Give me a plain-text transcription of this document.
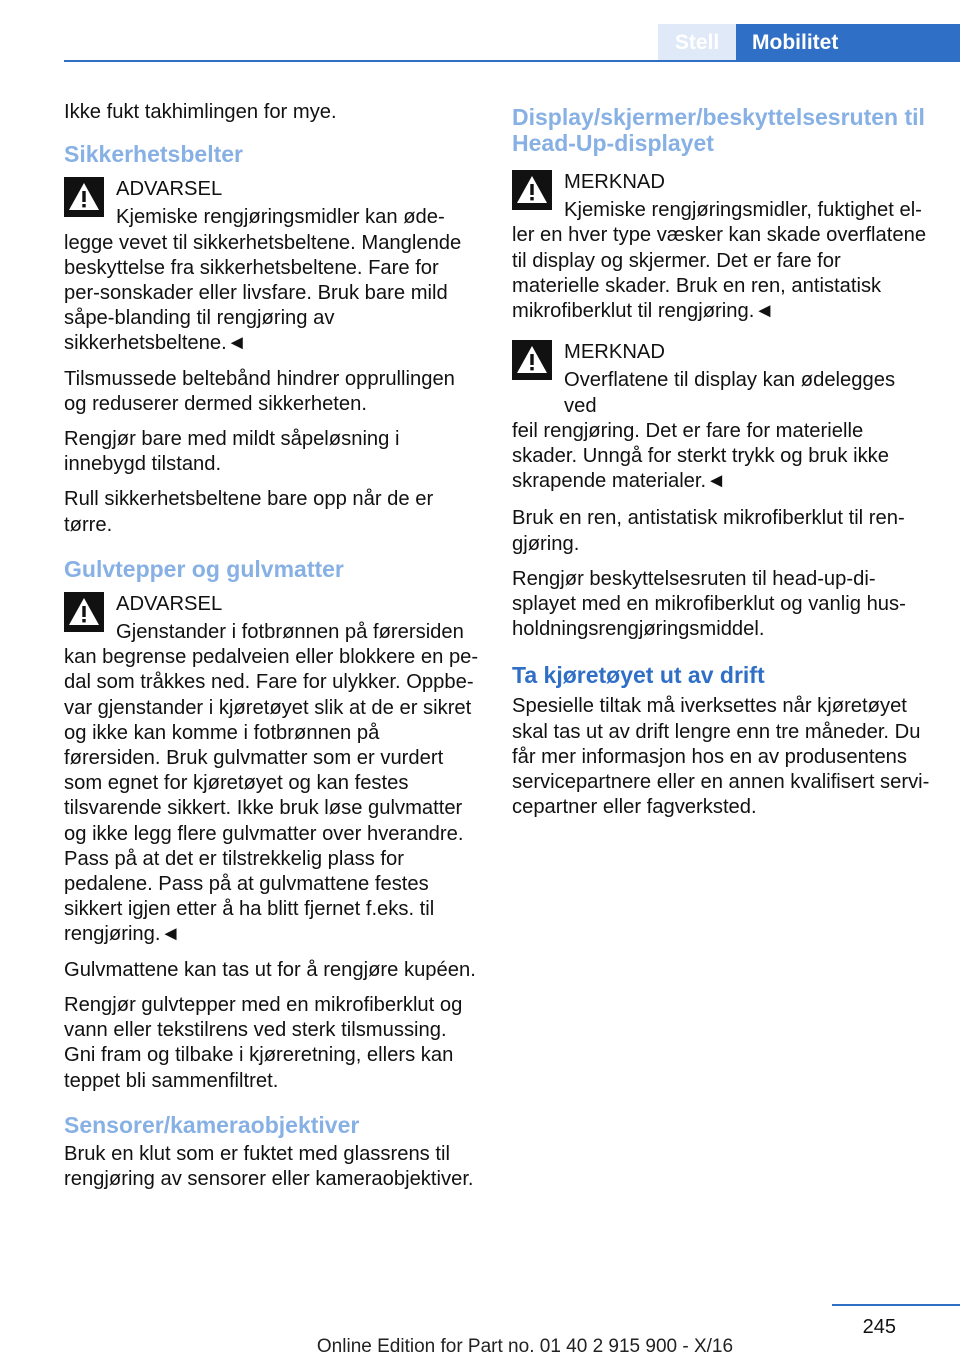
Stell	Mobilitet

Ikke fukt takhimlingen for mye.

Sikkerhetsbelter

ADVARSEL

Kjemiske rengjøringsmidler kan øde-

legge vevet til sikkerhetsbeltene. Manglende beskyttelse fra sikkerhetsbeltene. Fare for per-sonskader eller livsfare. Bruk bare mild såpe-blanding til rengjøring av sikkerhetsbeltene.◄

Tilsmussede beltebånd hindrer opprullingen og reduserer dermed sikkerheten.

Rengjør bare med mildt såpeløsning i innebygd tilstand.

Rull sikkerhetsbeltene bare opp når de er tørre.

Gulvtepper og gulvmatter

ADVARSEL

Gjenstander i fotbrønnen på førersiden

kan begrense pedalveien eller blokkere en pe-dal som tråkkes ned. Fare for ulykker. Oppbe-var gjenstander i kjøretøyet slik at de er sikret og ikke kan komme i fotbrønnen på førersiden. Bruk gulvmatter som er vurdert som egnet for kjøretøyet og kan festes tilsvarende sikkert. Ikke bruk løse gulvmatter og ikke legg flere gulvmatter over hverandre. Pass på at det er tilstrekkelig plass for pedalene. Pass på at gulvmattene festes sikkert igjen etter å ha blitt fjernet f.eks. til rengjøring.◄

Gulvmattene kan tas ut for å rengjøre kupéen.

Rengjør gulvtepper med en mikrofiberklut og vann eller tekstilrens ved sterk tilsmussing. Gni fram og tilbake i kjøreretning, ellers kan teppet bli sammenfiltret.

Sensorer/kameraobjektiver

Bruk en klut som er fuktet med glassrens til rengjøring av sensorer eller kameraobjektiver.

Display/skjermer/beskyttelsesruten til Head-Up-displayet

MERKNAD

Kjemiske rengjøringsmidler, fuktighet el-

ler en hver type væsker kan skade overflatene til display og skjermer. Det er fare for materielle skader. Bruk en ren, antistatisk mikrofiberklut til rengjøring.◄

MERKNAD

Overflatene til display kan ødelegges ved

feil rengjøring. Det er fare for materielle skader. Unngå for sterkt trykk og bruk ikke skrapende materialer.◄

Bruk en ren, antistatisk mikrofiberklut til ren-gjøring.

Rengjør beskyttelsesruten til head-up-di-splayet med en mikrofiberklut og vanlig hus-holdningsrengjøringsmiddel.

Ta kjøretøyet ut av drift

Spesielle tiltak må iverksettes når kjøretøyet skal tas ut av drift lengre enn tre måneder. Du får mer informasjon hos en av produsentens servicepartnere eller en annen kvalifisert servi-cepartner eller fagverksted.

245
Online Edition for Part no. 01 40 2 915 900 - X/16
